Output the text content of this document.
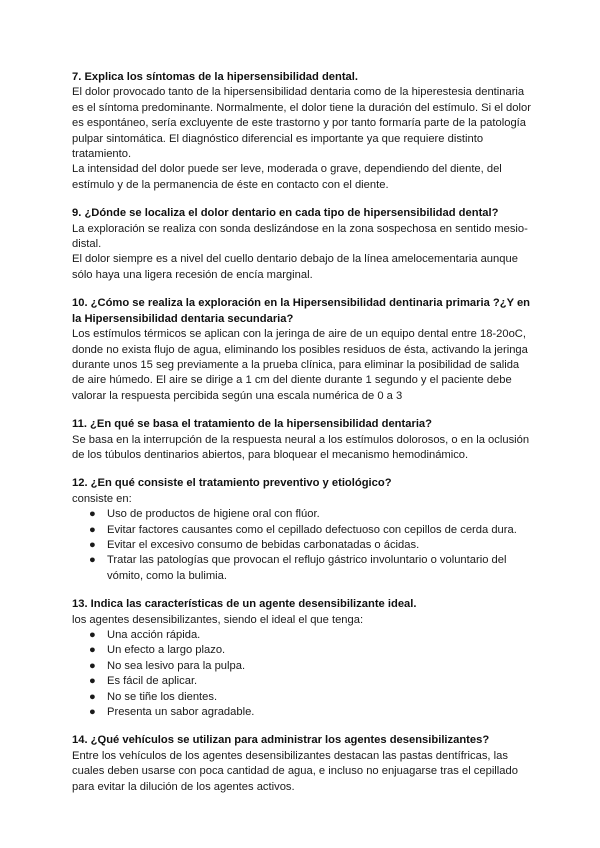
7. Explica los síntomas de la hipersensibilidad dental.

El dolor provocado tanto de la hipersensibilidad dentaria como de la hiperestesia dentinaria es el síntoma predominante. Normalmente, el dolor tiene la duración del estímulo. Si el dolor es espontáneo, sería excluyente de este trastorno y por tanto formaría parte de la patología pulpar sintomática. El diagnóstico diferencial es importante ya que requiere distinto tratamiento.

La intensidad del dolor puede ser leve, moderada o grave, dependiendo del diente, del estímulo y de la permanencia de éste en contacto con el diente.

9. ¿Dónde se localiza el dolor dentario en cada tipo de hipersensibilidad dental?

La exploración se realiza con sonda deslizándose en la zona sospechosa en sentido mesio-distal.

El dolor siempre es a nivel del cuello dentario debajo de la línea amelocementaria aunque sólo haya una ligera recesión de encía marginal.

10. ¿Cómo se realiza la exploración en la Hipersensibilidad dentinaria primaria ?¿Y en la Hipersensibilidad dentaria secundaria?

Los estímulos térmicos se aplican con la jeringa de aire de un equipo dental entre 18-20oC, donde no exista flujo de agua, eliminando los posibles residuos de ésta, activando la jeringa durante unos 15 seg previamente a la prueba clínica, para eliminar la posibilidad de salida de aire húmedo. El aire se dirige a 1 cm del diente durante 1 segundo y el paciente debe valorar la respuesta percibida según una escala numérica de 0 a 3

11. ¿En qué se basa el tratamiento de la hipersensibilidad dentaria?

Se basa en la interrupción de la respuesta neural a los estímulos dolorosos, o en la oclusión de los túbulos dentinarios abiertos, para bloquear el mecanismo hemodinámico.

12. ¿En qué consiste el tratamiento preventivo y etiológico?

consiste en:

● Uso de productos de higiene oral con flúor.
● Evitar factores causantes como el cepillado defectuoso con cepillos de cerda dura.
● Evitar el excesivo consumo de bebidas carbonatadas o ácidas.
● Tratar las patologías que provocan el reflujo gástrico involuntario o voluntario del vómito, como la bulimia.

13. Indica las características de un agente desensibilizante ideal.

los agentes desensibilizantes, siendo el ideal el que tenga:

● Una acción rápida.
● Un efecto a largo plazo.
● No sea lesivo para la pulpa.
● Es fácil de aplicar.
● No se tiñe los dientes.
● Presenta un sabor agradable.

14. ¿Qué vehículos se utilizan para administrar los agentes desensibilizantes?

Entre los vehículos de los agentes desensibilizantes destacan las pastas dentífricas, las cuales deben usarse con poca cantidad de agua, e incluso no enjuagarse tras el cepillado para evitar la dilución de los agentes activos.
